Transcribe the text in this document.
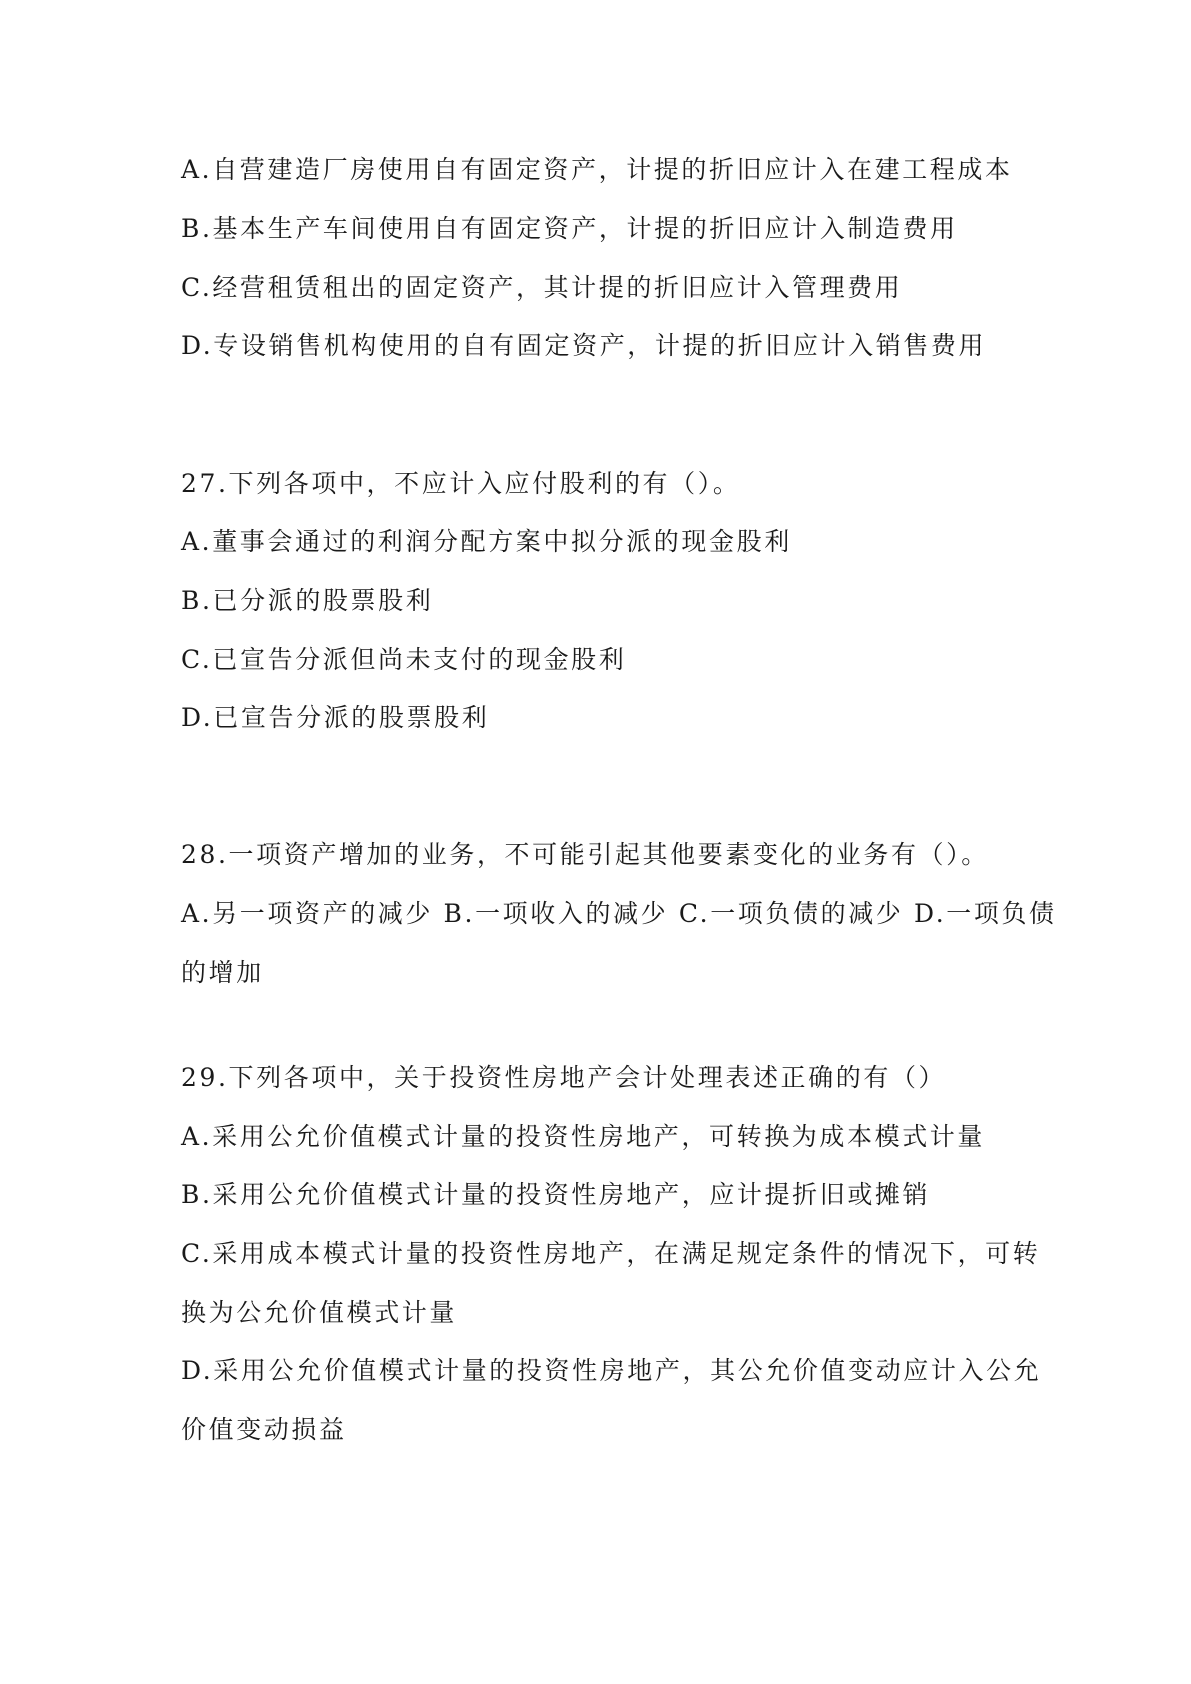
A.自营建造厂房使用自有固定资产，计提的折旧应计入在建工程成本
B.基本生产车间使用自有固定资产，计提的折旧应计入制造费用
C.经营租赁租出的固定资产，其计提的折旧应计入管理费用
D.专设销售机构使用的自有固定资产，计提的折旧应计入销售费用
27.下列各项中，不应计入应付股利的有（）。
A.董事会通过的利润分配方案中拟分派的现金股利
B.已分派的股票股利
C.已宣告分派但尚未支付的现金股利
D.已宣告分派的股票股利
28.一项资产增加的业务，不可能引起其他要素变化的业务有（）。
A.另一项资产的减少 B.一项收入的减少 C.一项负债的减少 D.一项负债
的增加
29.下列各项中，关于投资性房地产会计处理表述正确的有（）
A.采用公允价值模式计量的投资性房地产，可转换为成本模式计量
B.采用公允价值模式计量的投资性房地产，应计提折旧或摊销
C.采用成本模式计量的投资性房地产，在满足规定条件的情况下，可转
换为公允价值模式计量
D.采用公允价值模式计量的投资性房地产，其公允价值变动应计入公允
价值变动损益
